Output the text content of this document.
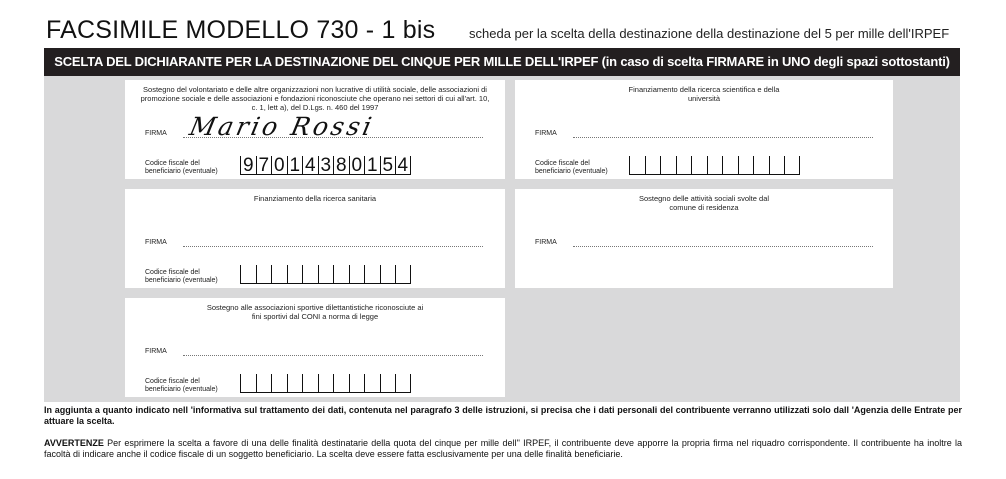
FACSIMILE MODELLO 730 - 1 bis	scheda per la scelta della destinazione della destinazione del 5 per mille dell'IRPEF
SCELTA DEL DICHIARANTE PER LA DESTINAZIONE DEL CINQUE PER MILLE DELL'IRPEF (in caso di scelta FIRMARE in UNO degli spazi sottostanti)
Sostegno del volontariato e delle altre organizzazioni non lucrative di utilità sociale, delle associazioni di promozione sociale e delle associazioni e fondazioni riconosciute che operano nei settori di cui all'art. 10, c. 1, lett a), del D.Lgs. n. 460 del 1997
FIRMA Mario Rossi
Codice fiscale del
beneficiario (eventuale)	9 7 0 1 4 3 8 0 1 5 4
Finanziamento della ricerca scientifica e della università
FIRMA
Codice fiscale del
beneficiario (eventuale)
Finanziamento della ricerca sanitaria
FIRMA
Codice fiscale del
beneficiario (eventuale)
Sostegno delle attività sociali svolte dal comune di residenza
FIRMA
Sostegno alle associazioni sportive dilettantistiche riconosciute ai fini sportivi dal CONI a norma di legge
FIRMA
Codice fiscale del
beneficiario (eventuale)
In aggiunta a quanto indicato nell 'informativa sul trattamento dei dati, contenuta nel paragrafo 3 delle istruzioni, si precisa che i dati personali del contribuente verranno utilizzati solo dall 'Agenzia delle Entrate per attuare la scelta.
AVVERTENZE Per esprimere la scelta a favore di una delle finalità destinatarie della quota del cinque per mille dell'' IRPEF, il contribuente deve apporre la propria firma nel riquadro corrispondente. Il contribuente ha inoltre la facoltà di indicare anche il codice fiscale di un soggetto beneficiario. La scelta deve essere fatta esclusivamente per una delle finalità beneficiarie.
